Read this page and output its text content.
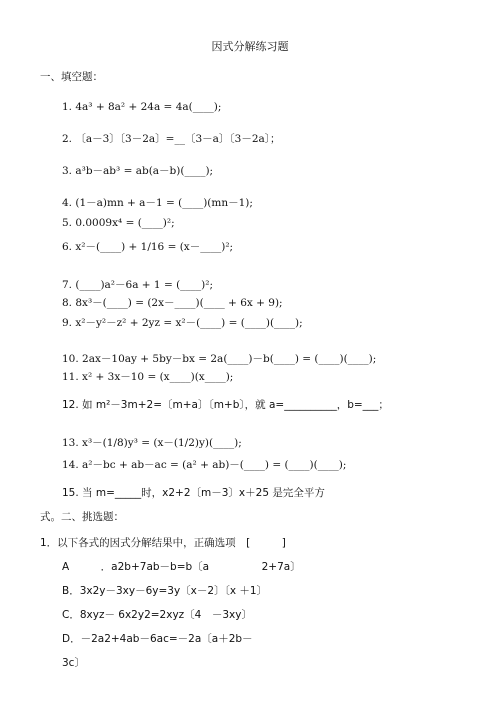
因式分解练习题
一、填空题：
1. 4a³ + 8a² + 24a = 4a(____);
2. 〔a－3〕〔3－2a〕=__〔3－a〕〔3－2a〕；
3. a³b－ab³ = ab(a－b)(____);
4. (1－a)mn + a－1 = (____)(mn－1);
5. 0.0009x⁴ = (____)²;
6. x²－(____) + 1/16 = (x－____)²;
7. (____)a²－6a + 1 = (____)²;
8. 8x³－(____) = (2x－____)(____ + 6x + 9);
9. x²－y²－z² + 2yz = x²－(____) = (____)(____);
10. 2ax－10ay + 5by－bx = 2a(____)－b(____) = (____)(____);
11. x² + 3x－10 = (x____)(x____);
12. 如 m²－3m+2=〔m+a〕〔m+b〕，就 a=__________，b=___；
13. x³－(1/8)y³ = (x－(1/2)y)(____);
14. a²－bc + ab－ac = (a² + ab)－(____) = (____)(____);
15. 当 m=_____时，x2+2〔m－3〕x＋25 是完全平方
式。二、挑选题：
1．以下各式的因式分解结果中，正确选项　[　　　]
A　　　．a2b+7ab－b=b〔a　　　　　2+7a〕
B．3x2y－3xy－6y=3y〔x－2〕〔x ＋1〕
C．8xyz－ 6x2y2=2xyz〔4　－3xy〕
D．－2a2+4ab－6ac=－2a〔a＋2b－
3c〕
